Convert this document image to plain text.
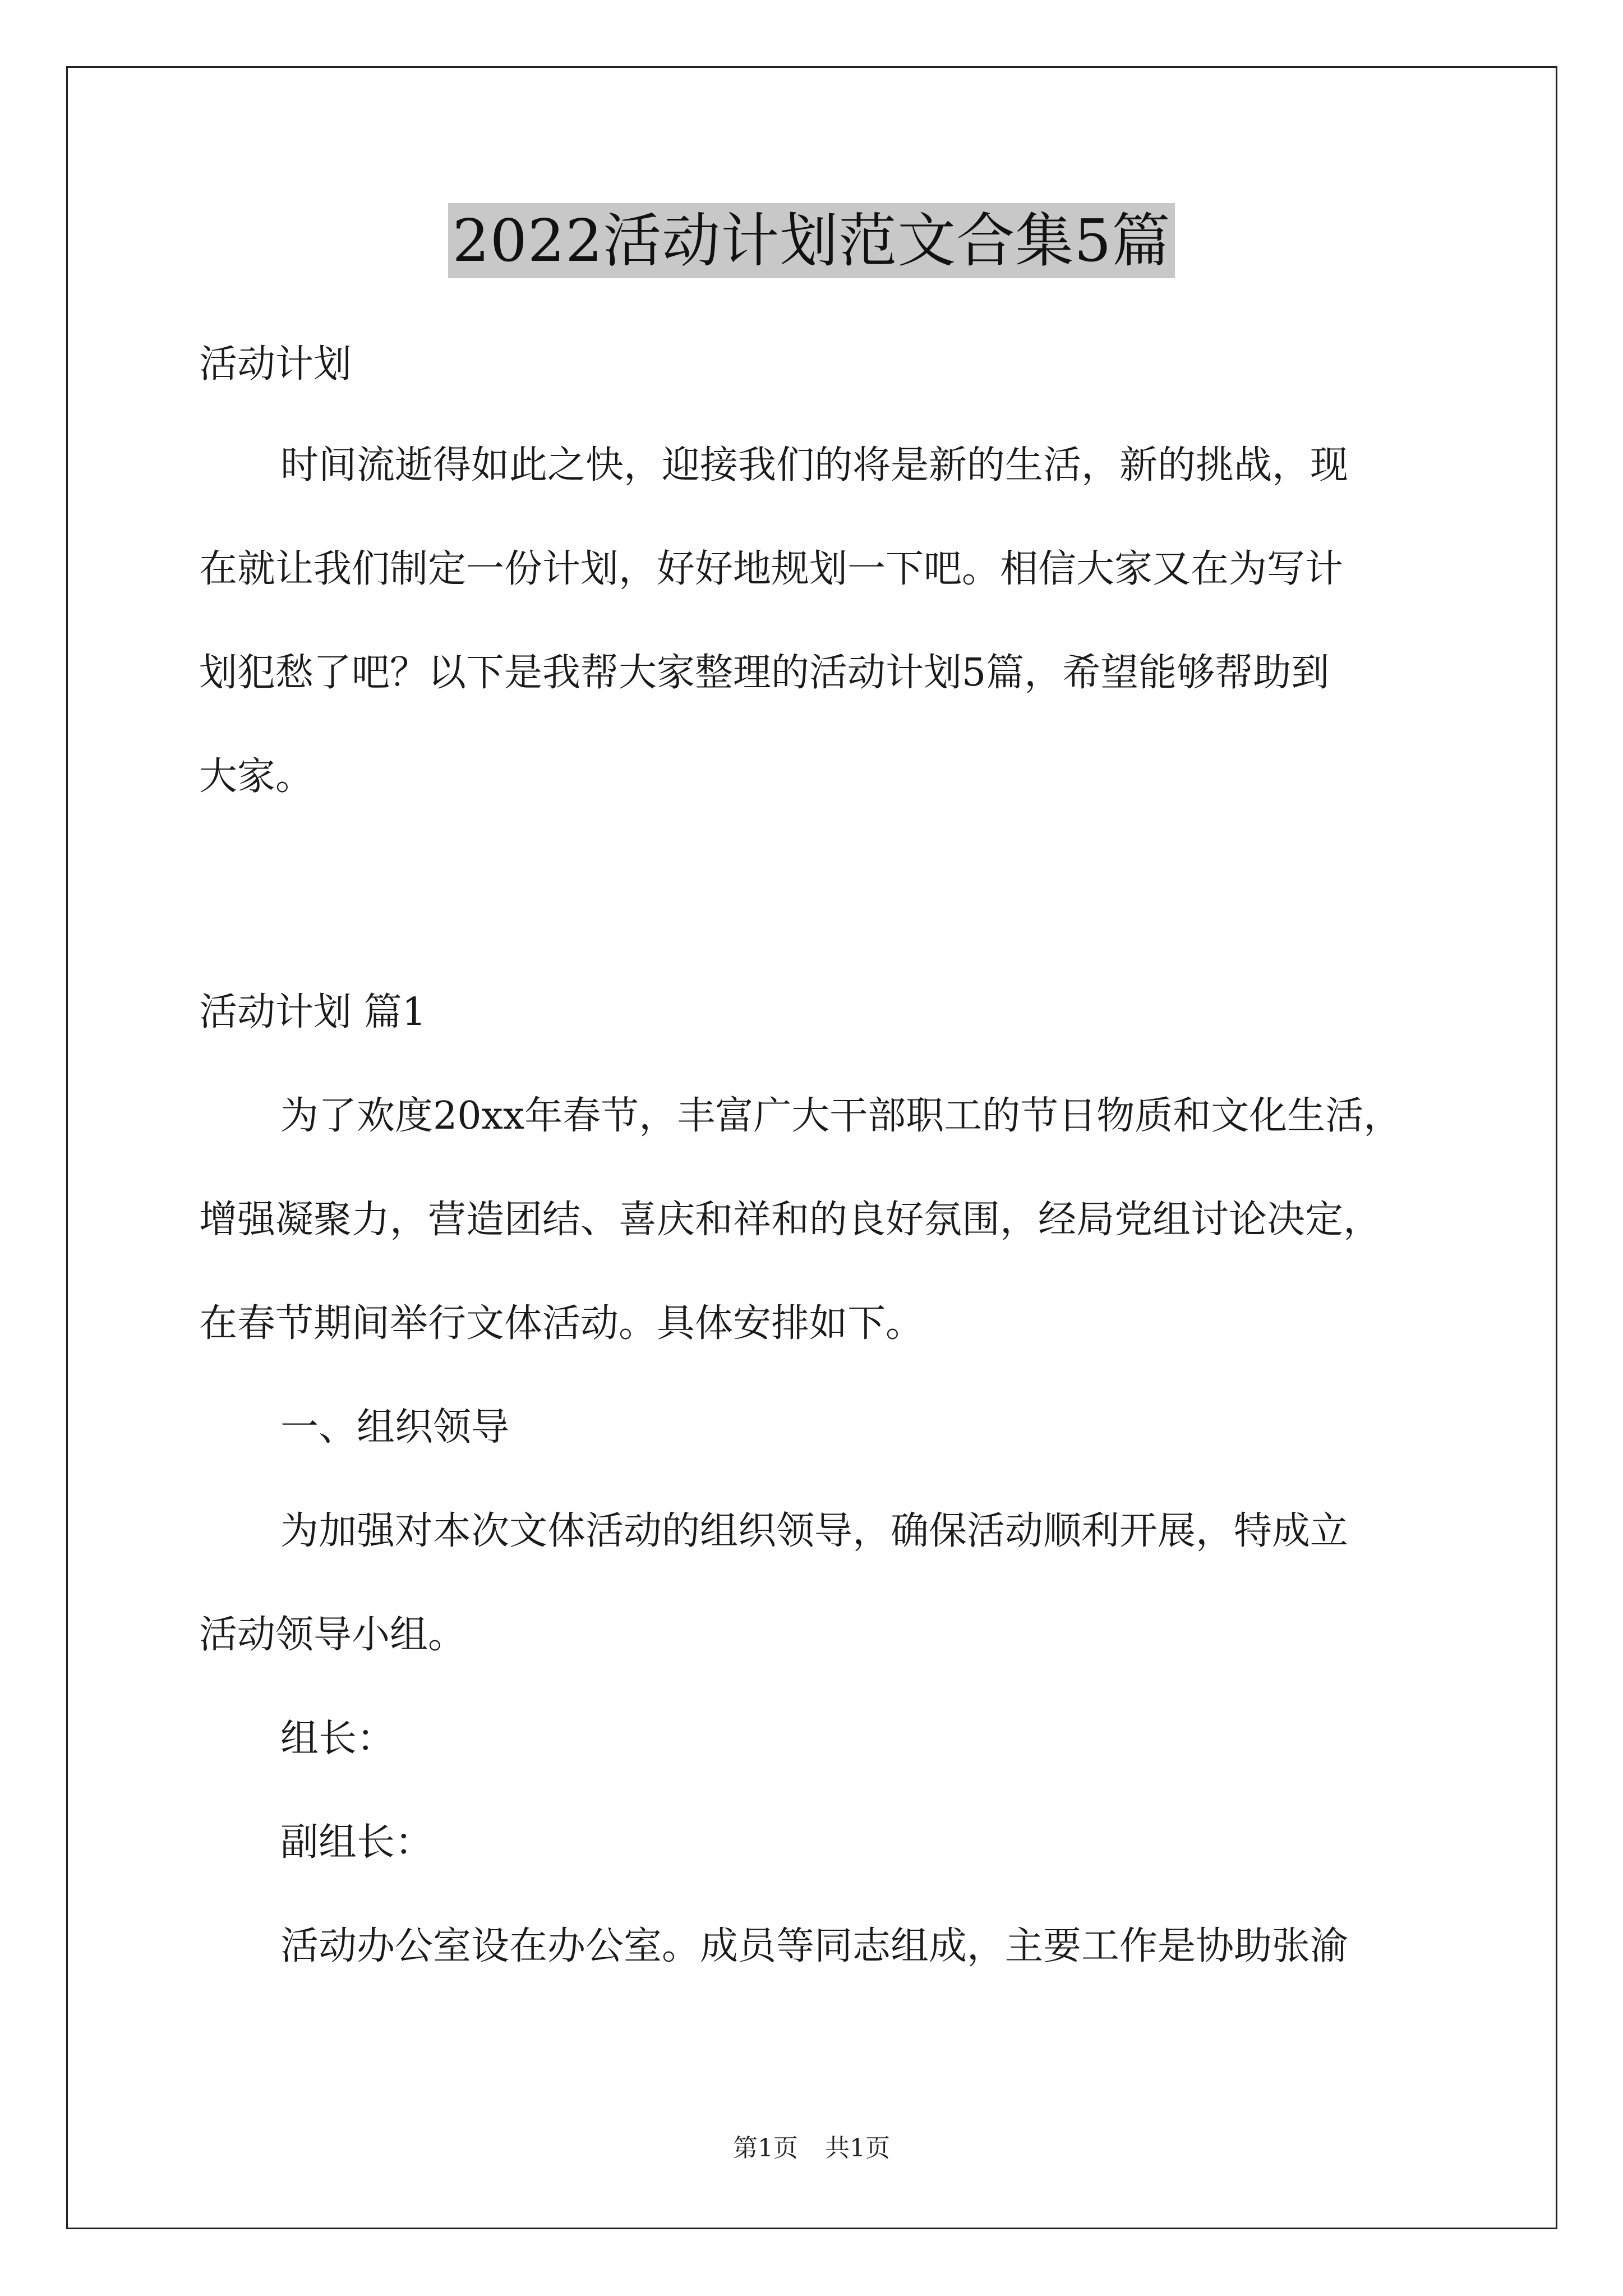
2022活动计划范文合集5篇
活动计划
时间流逝得如此之快，迎接我们的将是新的生活，新的挑战，现
在就让我们制定一份计划，好好地规划一下吧。相信大家又在为写计
划犯愁了吧？以下是我帮大家整理的活动计划5篇，希望能够帮助到
大家。
活动计划 篇1
为了欢度20xx年春节，丰富广大干部职工的节日物质和文化生活，
增强凝聚力，营造团结、喜庆和祥和的良好氛围，经局党组讨论决定，
在春节期间举行文体活动。具体安排如下。
一、组织领导
为加强对本次文体活动的组织领导，确保活动顺利开展，特成立
活动领导小组。
组长：
副组长：
活动办公室设在办公室。成员等同志组成，主要工作是协助张渝
第1页 共1页
